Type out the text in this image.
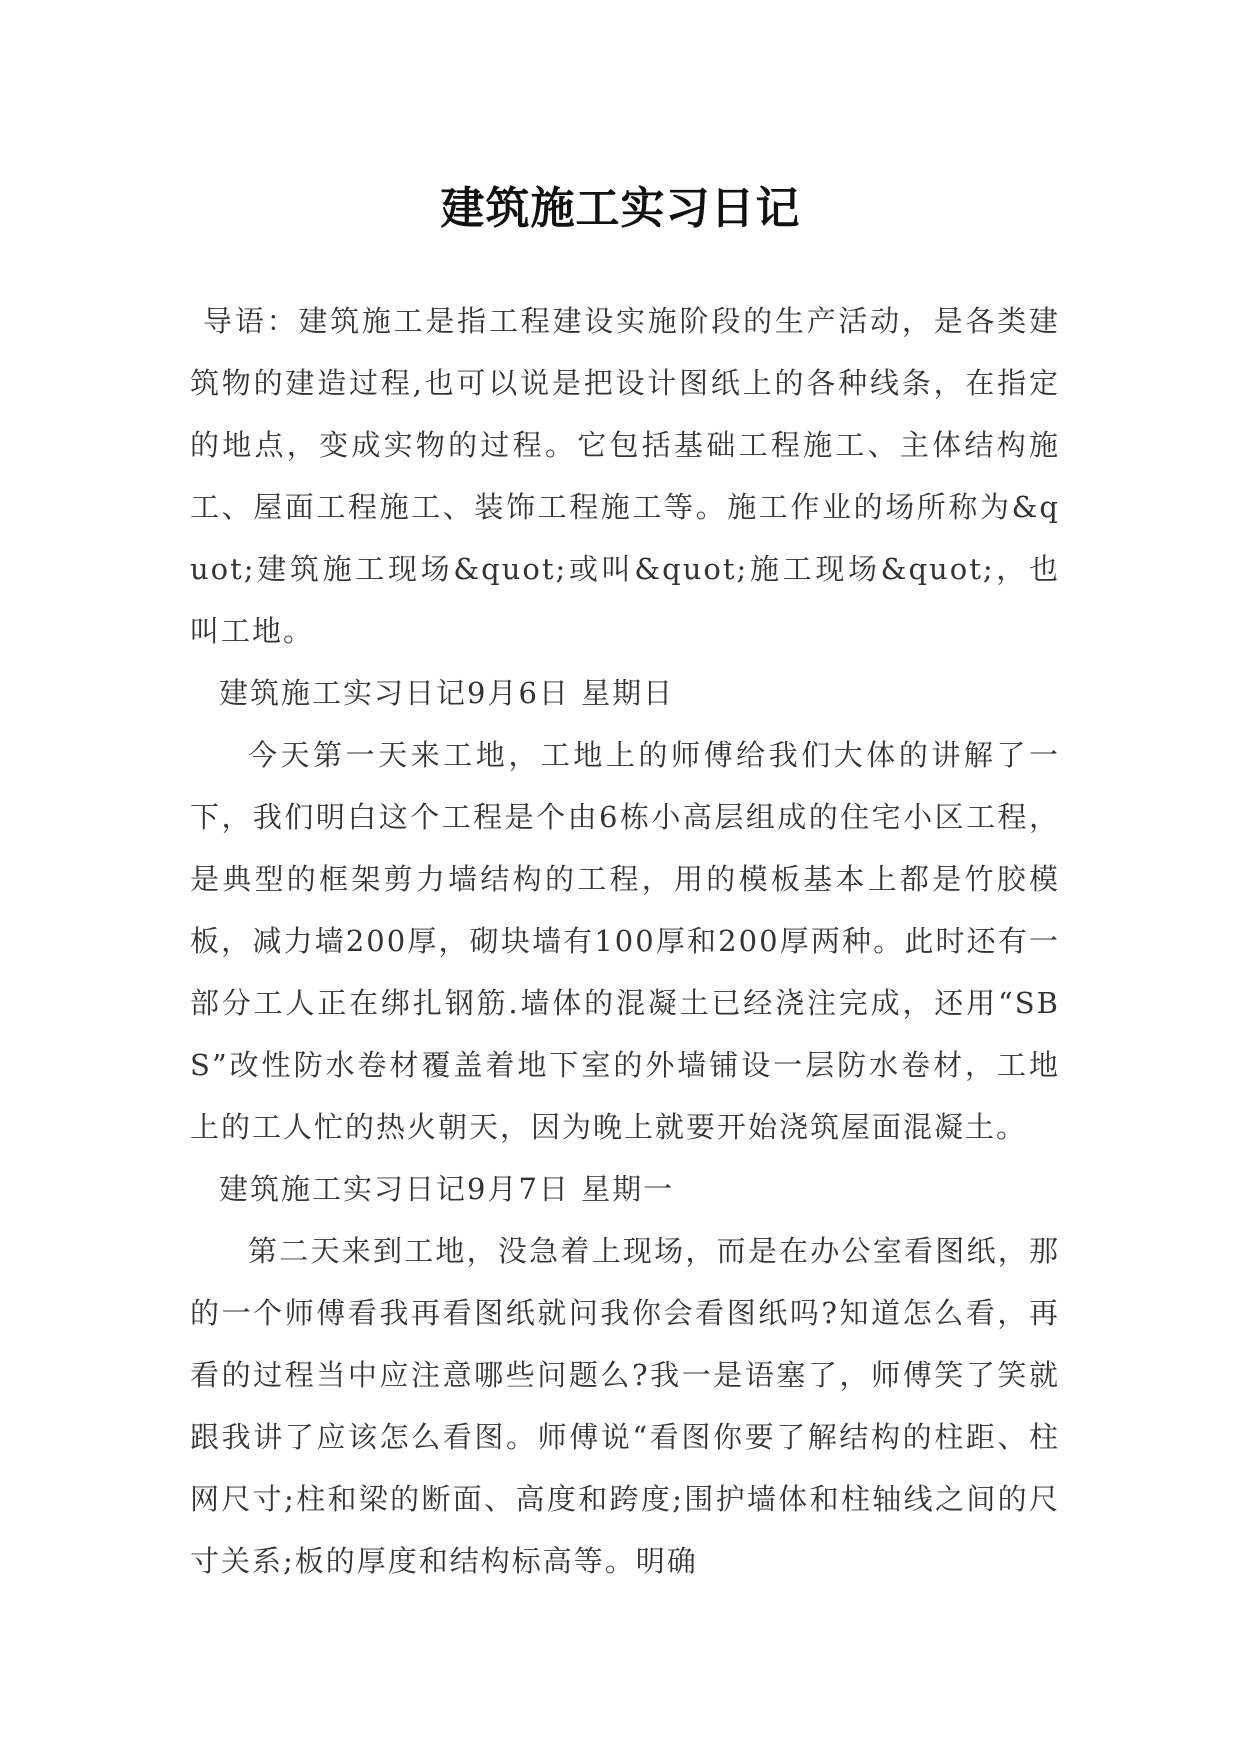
建筑施工实习日记

导语：建筑施工是指工程建设实施阶段的生产活动，是各类建筑物的建造过程,也可以说是把设计图纸上的各种线条，在指定的地点，变成实物的过程。它包括基础工程施工、主体结构施工、屋面工程施工、装饰工程施工等。施工作业的场所称为&quot;建筑施工现场&quot;或叫&quot;施工现场&quot;，也叫工地。

建筑施工实习日记9月6日 星期日

今天第一天来工地，工地上的师傅给我们大体的讲解了一下，我们明白这个工程是个由6栋小高层组成的住宅小区工程，是典型的框架剪力墙结构的工程，用的模板基本上都是竹胶模板，减力墙200厚，砌块墙有100厚和200厚两种。此时还有一部分工人正在绑扎钢筋.墙体的混凝土已经浇注完成，还用“SBS”改性防水卷材覆盖着地下室的外墙铺设一层防水卷材，工地上的工人忙的热火朝天，因为晚上就要开始浇筑屋面混凝土。

建筑施工实习日记9月7日 星期一

第二天来到工地，没急着上现场，而是在办公室看图纸，那的一个师傅看我再看图纸就问我你会看图纸吗?知道怎么看，再看的过程当中应注意哪些问题么?我一是语塞了，师傅笑了笑就跟我讲了应该怎么看图。师傅说“看图你要了解结构的柱距、柱网尺寸;柱和梁的断面、高度和跨度;围护墙体和柱轴线之间的尺寸关系;板的厚度和结构标高等。明确
